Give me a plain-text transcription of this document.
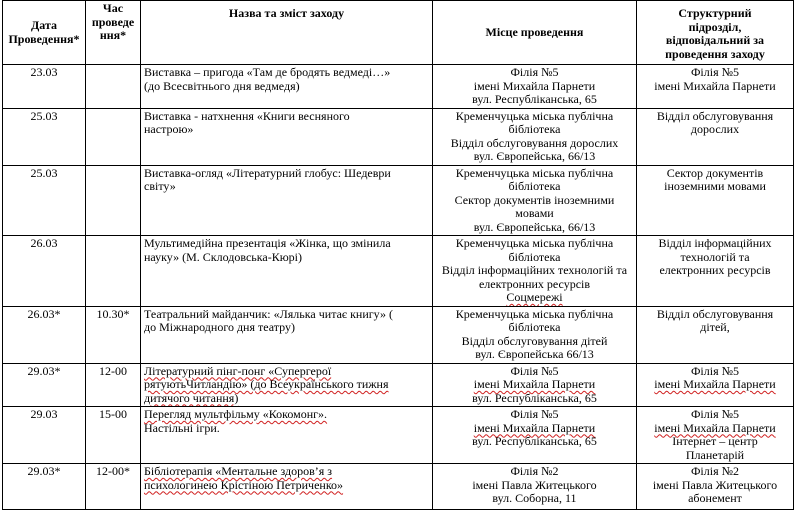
Дата
Проведення*	Час
проведе
ння*	Назва та зміст заходу	Місце проведення	Структурний
підрозділ,
відповідальний за
проведення заходу

23.03		Виставка – пригода «Там де бродять ведмеді…»
(до Всесвітнього дня ведмедя)	Філія №5
імені Михайла Парнети
вул. Республіканська, 65	Філія №5
імені Михайла Парнети

25.03		Виставка - натхнення «Книги весняного
настрою»	Кременчуцька міська публічна
бібліотека
Відділ обслуговування дорослих
вул. Європейська, 66/13	Відділ обслуговування
дорослих

25.03		Виставка-огляд «Літературний глобус: Шедеври
світу»	Кременчуцька міська публічна
бібліотека
Сектор документів іноземними
мовами
вул. Європейська, 66/13	Сектор документів
іноземними мовами

26.03		Мультимедійна презентація «Жінка, що змінила
науку» (М. Склодовська-Кюрі)	Кременчуцька міська публічна
бібліотека
Відділ інформаційних технологій та
електронних ресурсів
Соцмережі	Відділ інформаційних
технологій та
електронних ресурсів

26.03*	10.30*	Театральний майданчик: «Лялька читає книгу» (
до Міжнародного дня театру)	Кременчуцька міська публічна
бібліотека
Відділ обслуговування дітей
вул. Європейська 66/13	Відділ обслуговування
дітей,

29.03*	12-00	Літературний пінг-понг «Супергерої
рятуютьЧитландію» (до Всеукраїнського тижня
дитячого читання)	Філія №5
імені Михайла Парнети
вул. Республіканська, 65	Філія №5
імені Михайла Парнети

29.03	15-00	Перегляд мультфільму «Кокомонг».
Настільні ігри.	Філія №5
імені Михайла Парнети
вул. Республіканська, 65	Філія №5
імені Михайла Парнети
Інтернет – центр
Планетарій

29.03*	12-00*	Бібліотерапія «Ментальне здоров’я з
психологинею Крістіною Петриченко»	Філія №2
імені Павла Житецького
вул. Соборна, 11	Філія №2
імені Павла Житецького
абонемент
